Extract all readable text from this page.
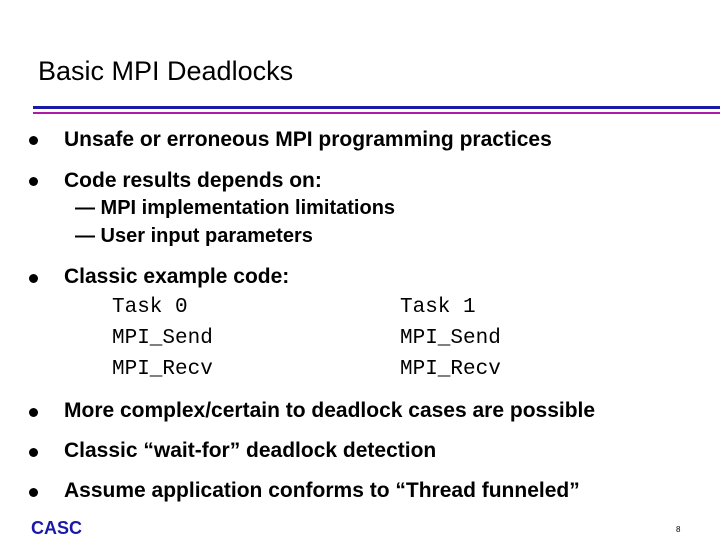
Basic MPI Deadlocks
Unsafe or erroneous MPI programming practices
Code results depends on:
— MPI implementation limitations
— User input parameters
Classic example code:
Task 0
MPI_Send
MPI_Recv
Task 1
MPI_Send
MPI_Recv
More complex/certain to deadlock cases are possible
Classic “wait-for” deadlock detection
Assume application conforms to “Thread funneled”
CASC	8
